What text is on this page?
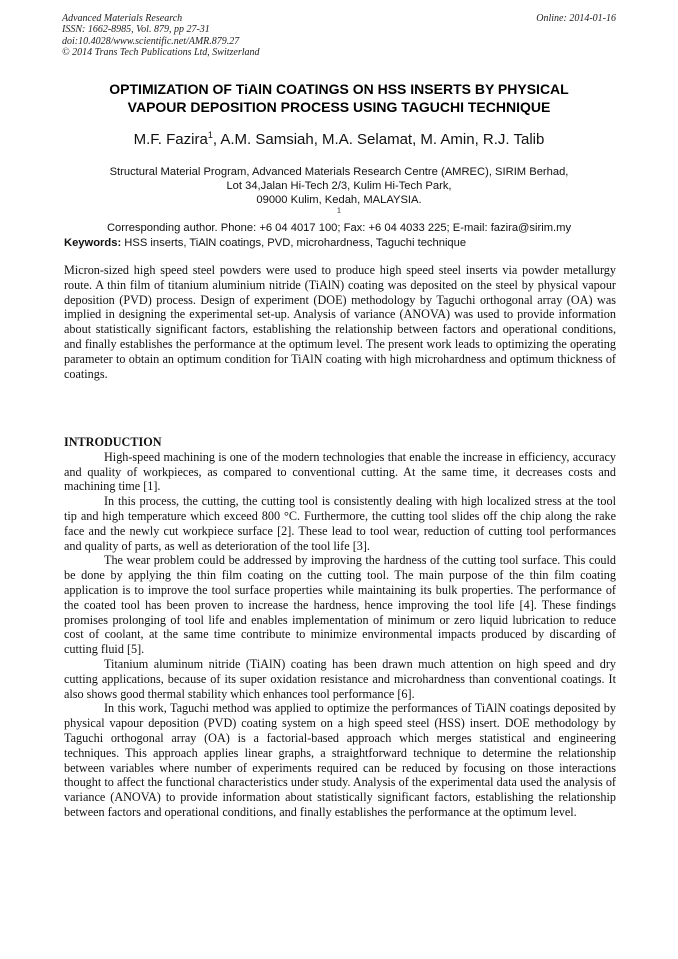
Advanced Materials Research
ISSN: 1662-8985, Vol. 879, pp 27-31
doi:10.4028/www.scientific.net/AMR.879.27
© 2014 Trans Tech Publications Ltd, Switzerland
Online: 2014-01-16
OPTIMIZATION OF TiAlN COATINGS ON HSS INSERTS BY PHYSICAL
VAPOUR DEPOSITION PROCESS USING TAGUCHI TECHNIQUE
M.F. Fazira$^1$, A.M. Samsiah, M.A. Selamat, M. Amin, R.J. Talib
Structural Material Program, Advanced Materials Research Centre (AMREC), SIRIM Berhad,
Lot 34,Jalan Hi-Tech 2/3, Kulim Hi-Tech Park,
09000 Kulim, Kedah, MALAYSIA.
$^1$
Corresponding author. Phone: +6 04 4017 100; Fax: +6 04 4033 225; E-mail: fazira@sirim.my
Keywords: HSS inserts, TiAlN coatings, PVD, microhardness, Taguchi technique

Micron-sized high speed steel powders were used to produce high speed steel inserts via powder metallurgy route. A thin film of titanium aluminium nitride (TiAlN) coating was deposited on the steel by physical vapour deposition (PVD) process. Design of experiment (DOE) methodology by Taguchi orthogonal array (OA) was implied in designing the experimental set-up. Analysis of variance (ANOVA) was used to provide information about statistically significant factors, establishing the relationship between factors and operational conditions, and finally establishes the performance at the optimum level. The present work leads to optimizing the operating parameter to obtain an optimum condition for TiAlN coating with high microhardness and optimum thickness of coatings.

INTRODUCTION

High-speed machining is one of the modern technologies that enable the increase in efficiency, accuracy and quality of workpieces, as compared to conventional cutting. At the same time, it decreases costs and machining time [1].

In this process, the cutting, the cutting tool is consistently dealing with high localized stress at the tool tip and high temperature which exceed 800 °C. Furthermore, the cutting tool slides off the chip along the rake face and the newly cut workpiece surface [2]. These lead to tool wear, reduction of cutting tool performances and quality of parts, as well as deterioration of the tool life [3].

The wear problem could be addressed by improving the hardness of the cutting tool surface. This could be done by applying the thin film coating on the cutting tool. The main purpose of the thin film coating application is to improve the tool surface properties while maintaining its bulk properties. The performance of the coated tool has been proven to increase the hardness, hence improving the tool life [4]. These findings promises prolonging of tool life and enables implementation of minimum or zero liquid lubrication to reduce cost of coolant, at the same time contribute to minimize environmental impacts produced by discarding of cutting fluid [5].

Titanium aluminum nitride (TiAlN) coating has been drawn much attention on high speed and dry cutting applications, because of its super oxidation resistance and microhardness than conventional coatings. It also shows good thermal stability which enhances tool performance [6].

In this work, Taguchi method was applied to optimize the performances of TiAlN coatings deposited by physical vapour deposition (PVD) coating system on a high speed steel (HSS) insert. DOE methodology by Taguchi orthogonal array (OA) is a factorial-based approach which merges statistical and engineering techniques. This approach applies linear graphs, a straightforward technique to determine the relationship between variables where number of experiments required can be reduced by focusing on those interactions thought to affect the functional characteristics under study. Analysis of the experimental data used the analysis of variance (ANOVA) to provide information about statistically significant factors, establishing the relationship between factors and operational conditions, and finally establishes the performance at the optimum level.
